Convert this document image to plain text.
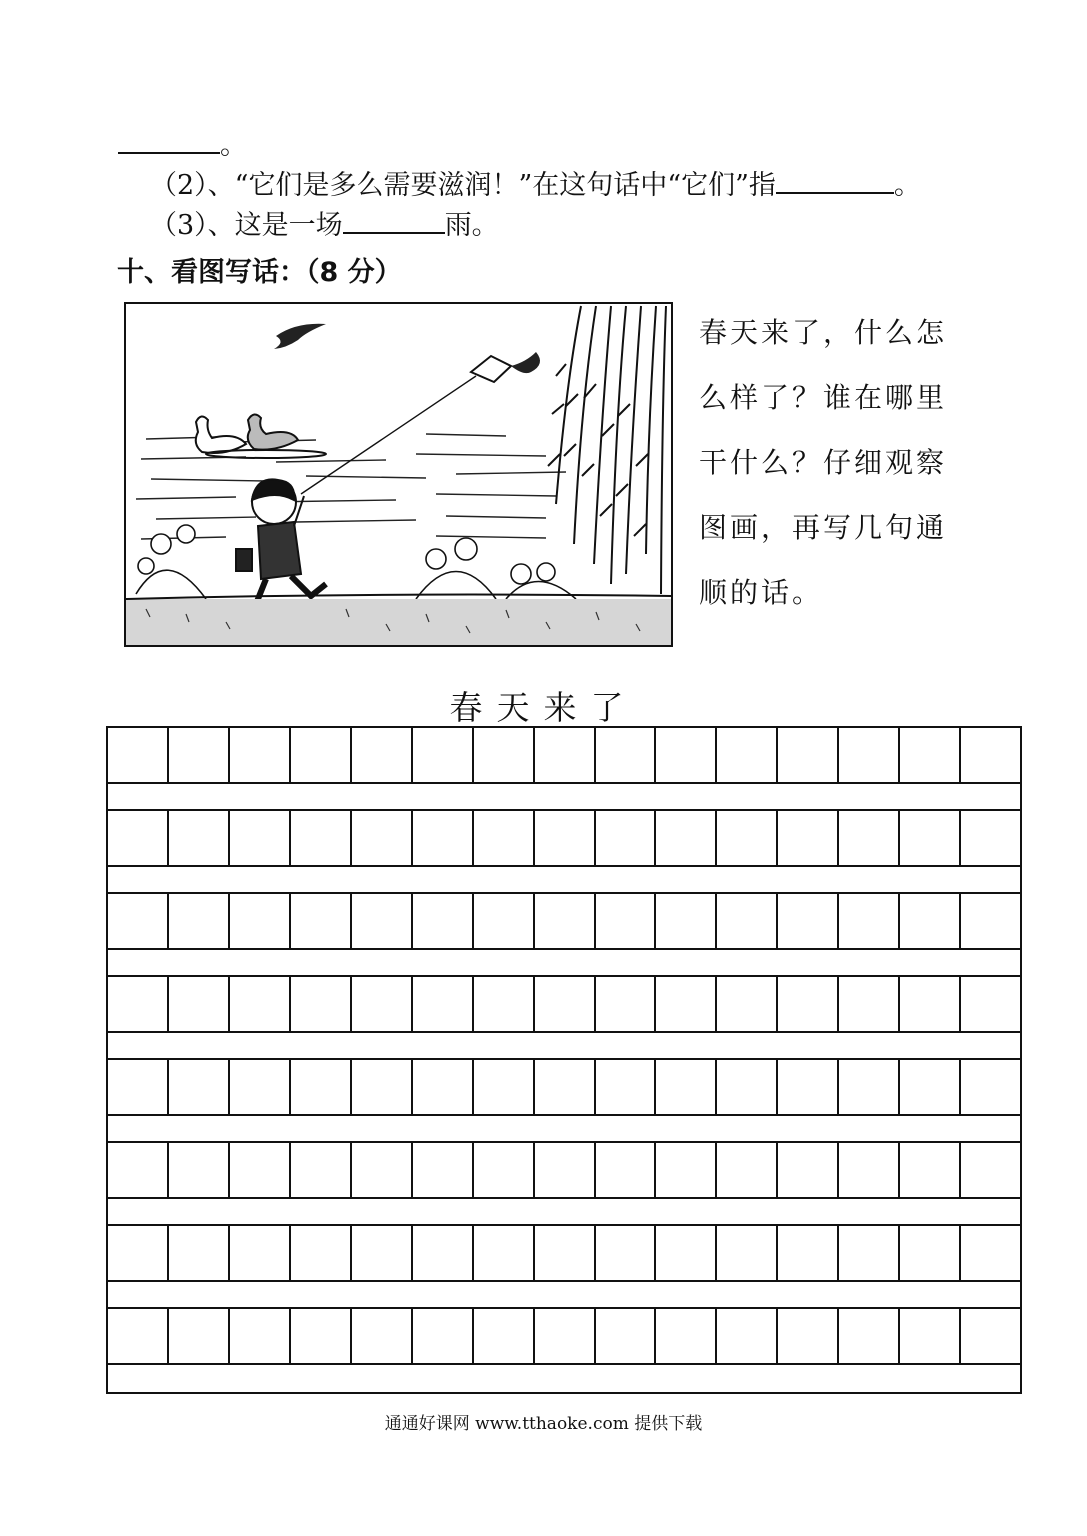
。
（2）、“它们是多么需要滋润！”在这句话中“它们”指	。
（3）、这是一场	雨。
十、看图写话：（8 分）
春天来了，什么怎么样了？谁在哪里干什么？仔细观察图画，再写几句通顺的话。
春天来了
通通好课网 www.tthaoke.com 提供下载
